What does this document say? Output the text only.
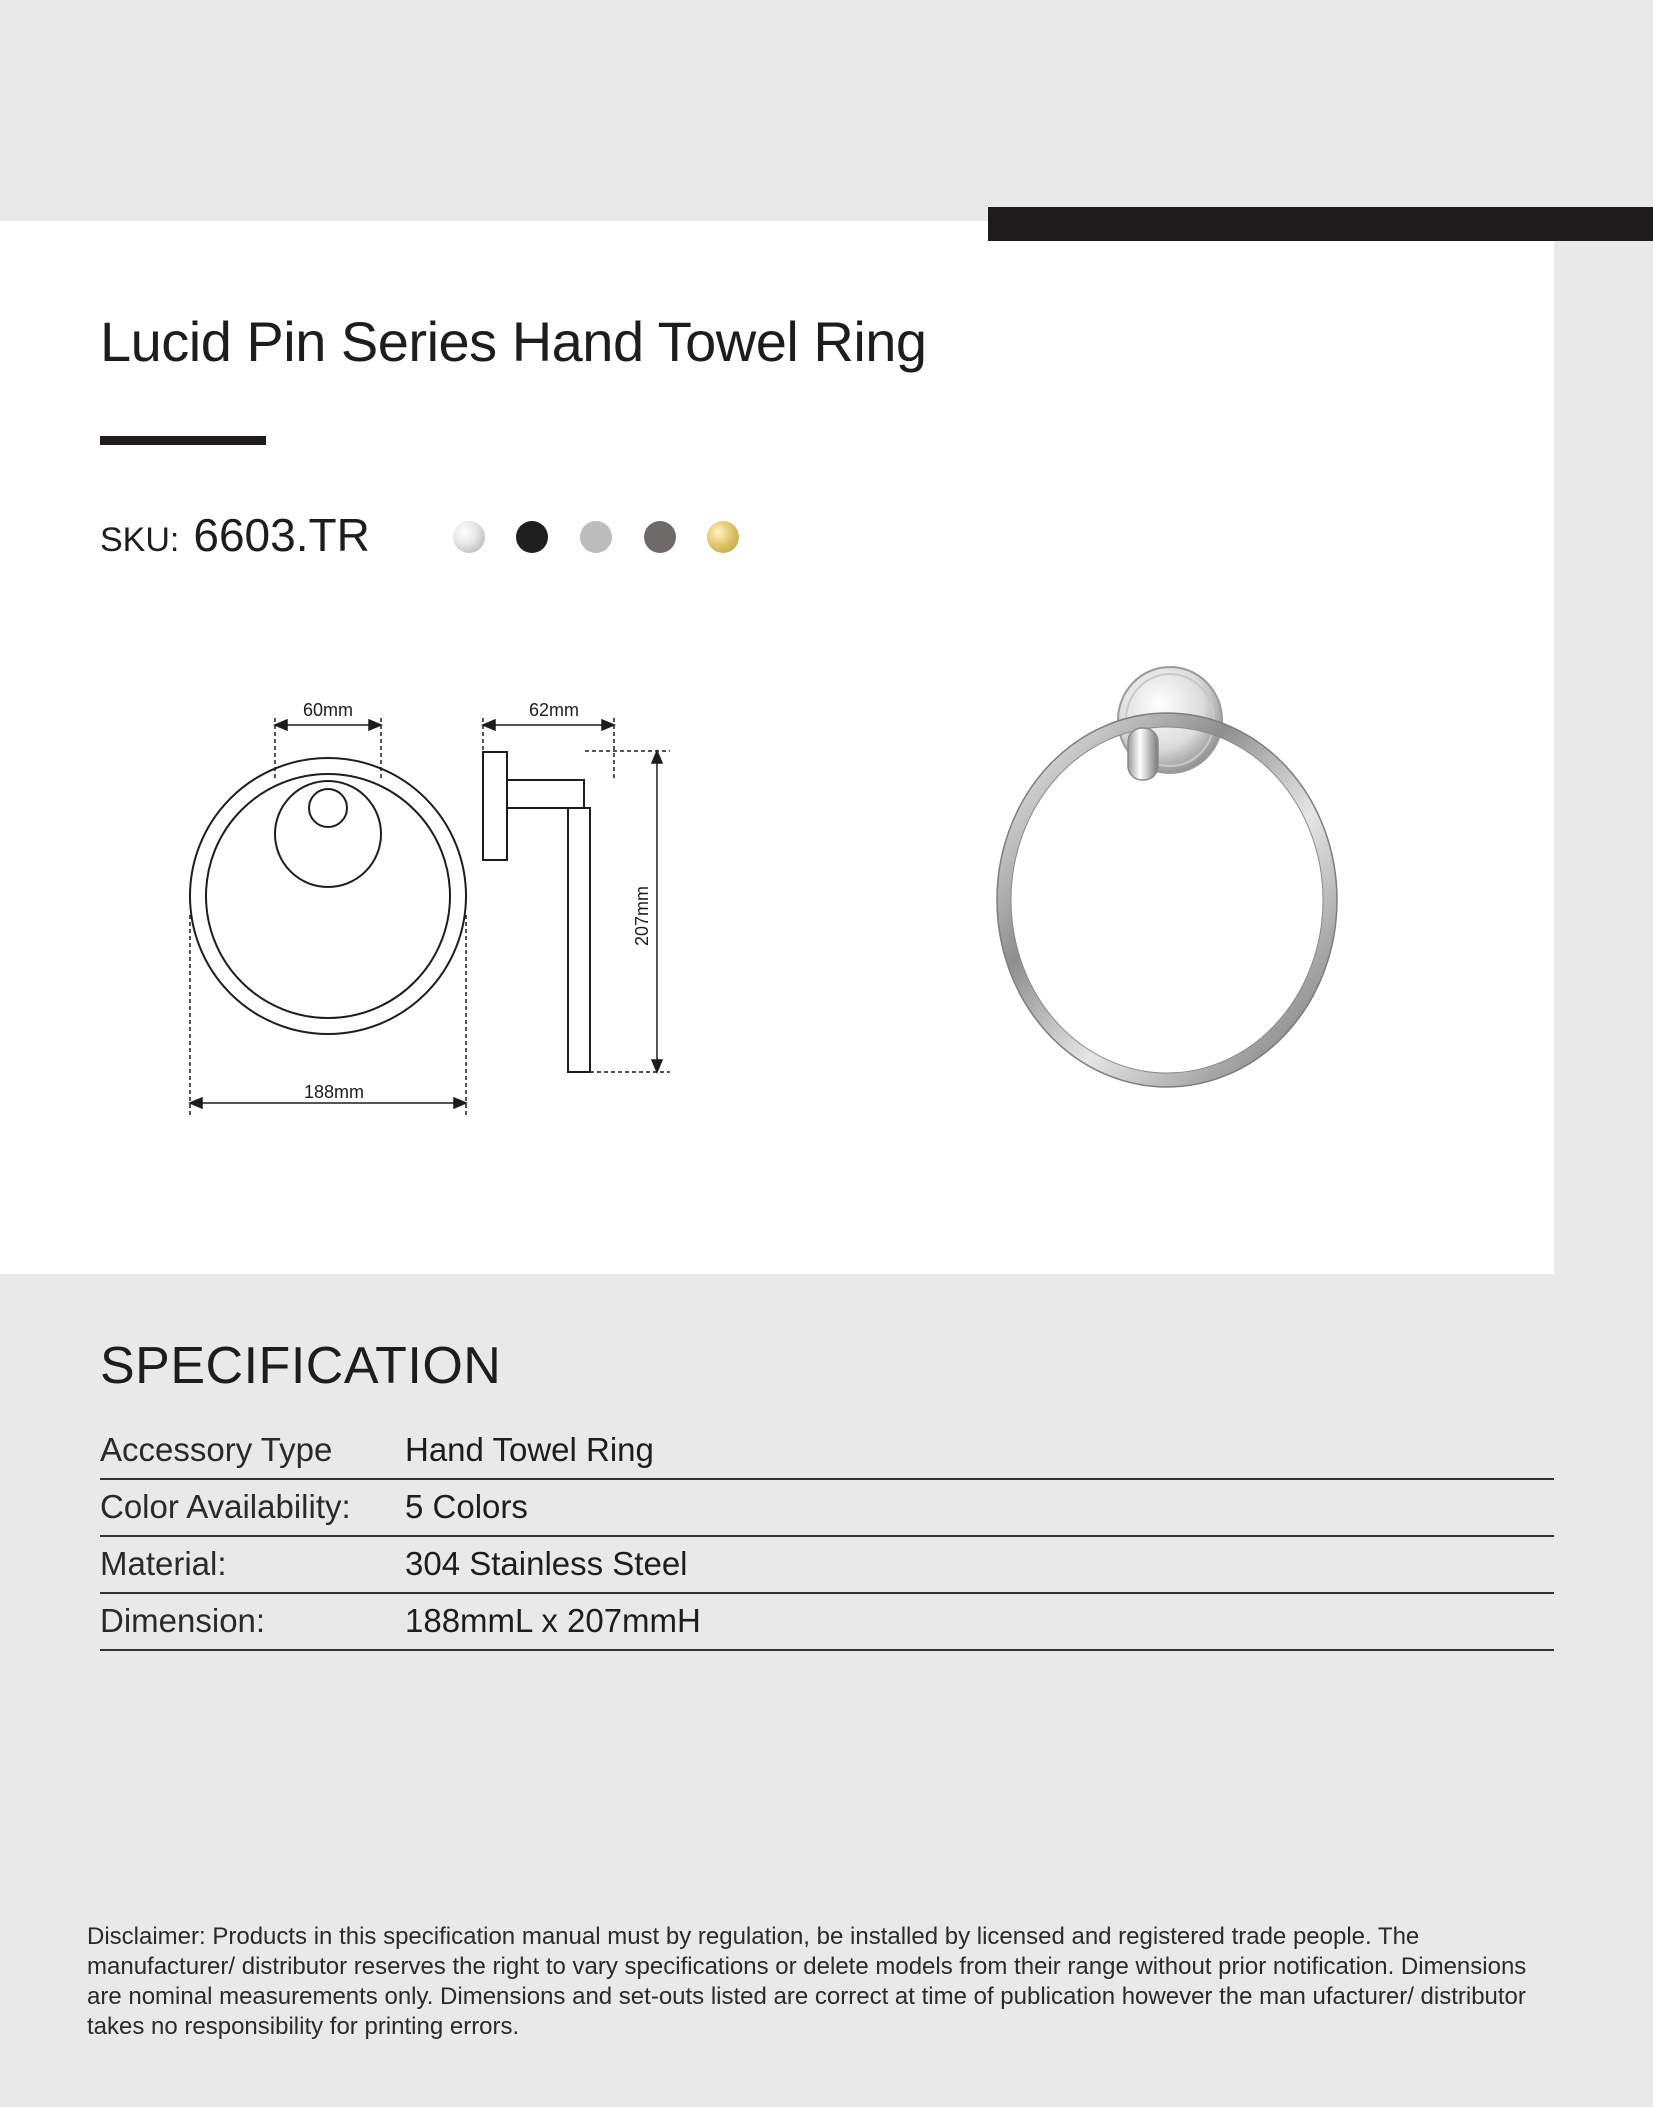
Lucid Pin Series Hand Towel Ring
SKU: 6603.TR
60mm
188mm
62mm
207mm
SPECIFICATION
Accessory Type Hand Towel Ring
Color Availability: 5 Colors
Material:	304 Stainless Steel
Dimension:	188mmL x 207mmH

Disclaimer: Products in this specification manual must by regulation, be installed by licensed and registered trade people. The manufacturer/ distributor reserves the right to vary specifications or delete models from their range without prior notification. Dimensions are nominal measurements only. Dimensions and set-outs listed are correct at time of publication however the man ufacturer/ distributor takes no responsibility for printing errors.
